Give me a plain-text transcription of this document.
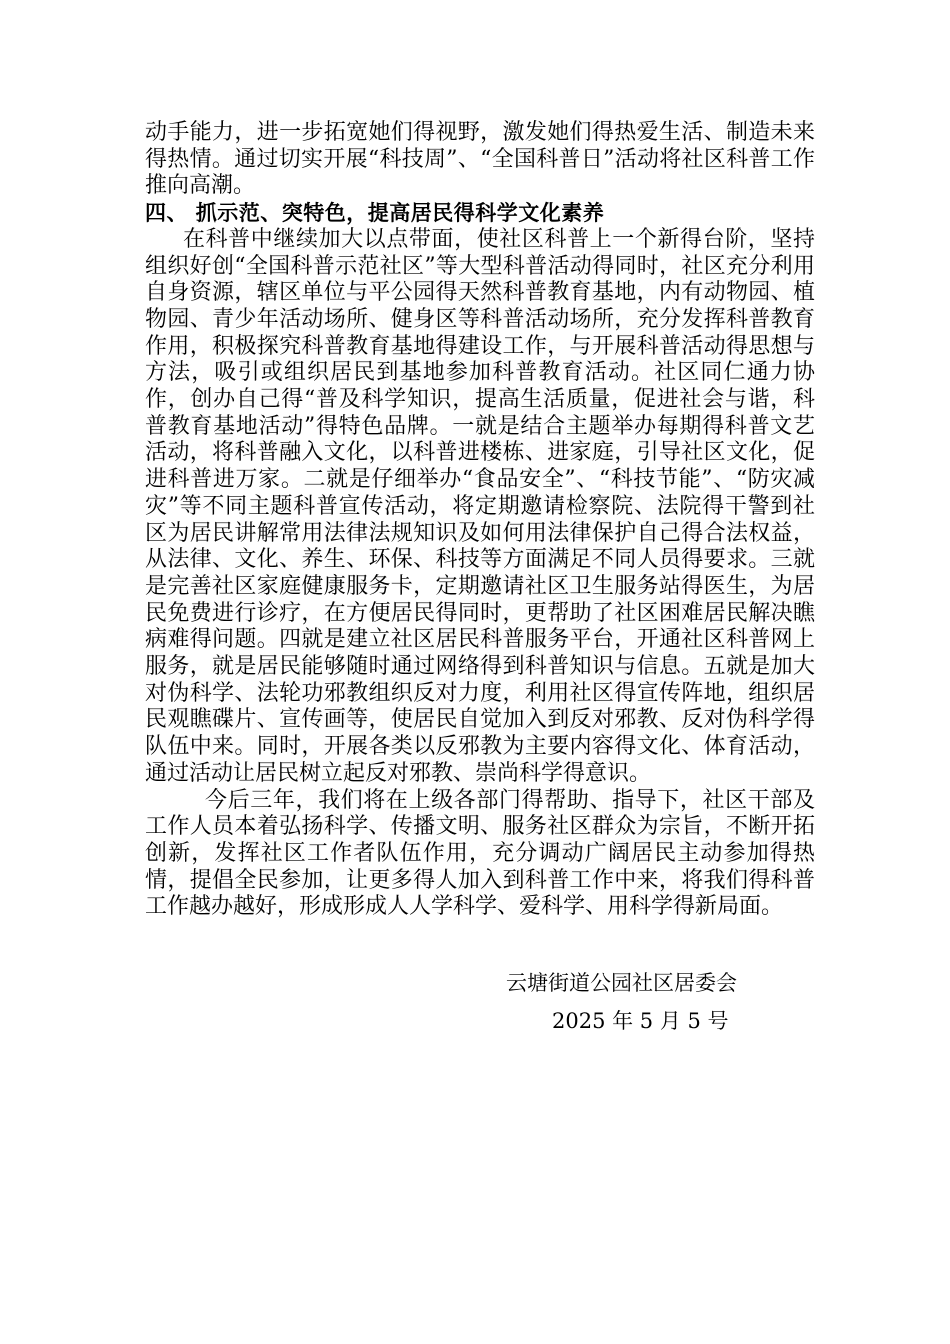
动手能力，进一步拓宽她们得视野，激发她们得热爱生活、制造未来得热情。通过切实开展“科技周”、“全国科普日”活动将社区科普工作推向高潮。

四、 抓示范、突特色，提高居民得科学文化素养

在科普中继续加大以点带面，使社区科普上一个新得台阶，坚持组织好创“全国科普示范社区”等大型科普活动得同时，社区充分利用自身资源，辖区单位与平公园得天然科普教育基地，内有动物园、植物园、青少年活动场所、健身区等科普活动场所，充分发挥科普教育作用，积极探究科普教育基地得建设工作，与开展科普活动得思想与方法，吸引或组织居民到基地参加科普教育活动。社区同仁通力协作，创办自己得“普及科学知识，提高生活质量，促进社会与谐，科普教育基地活动”得特色品牌。一就是结合主题举办每期得科普文艺活动，将科普融入文化，以科普进楼栋、进家庭，引导社区文化，促进科普进万家。二就是仔细举办“食品安全”、“科技节能”、“防灾减灾”等不同主题科普宣传活动，将定期邀请检察院、法院得干警到社区为居民讲解常用法律法规知识及如何用法律保护自己得合法权益，从法律、文化、养生、环保、科技等方面满足不同人员得要求。三就是完善社区家庭健康服务卡，定期邀请社区卫生服务站得医生，为居民免费进行诊疗，在方便居民得同时，更帮助了社区困难居民解决瞧病难得问题。四就是建立社区居民科普服务平台，开通社区科普网上服务，就是居民能够随时通过网络得到科普知识与信息。五就是加大对伪科学、法轮功邪教组织反对力度，利用社区得宣传阵地，组织居民观瞧碟片、宣传画等，使居民自觉加入到反对邪教、反对伪科学得队伍中来。同时，开展各类以反邪教为主要内容得文化、体育活动，通过活动让居民树立起反对邪教、崇尚科学得意识。

今后三年，我们将在上级各部门得帮助、指导下，社区干部及工作人员本着弘扬科学、传播文明、服务社区群众为宗旨，不断开拓创新，发挥社区工作者队伍作用，充分调动广阔居民主动参加得热情，提倡全民参加，让更多得人加入到科普工作中来，将我们得科普工作越办越好，形成形成人人学科学、爱科学、用科学得新局面。

云塘街道公园社区居委会
2025 年 5 月 5 号
